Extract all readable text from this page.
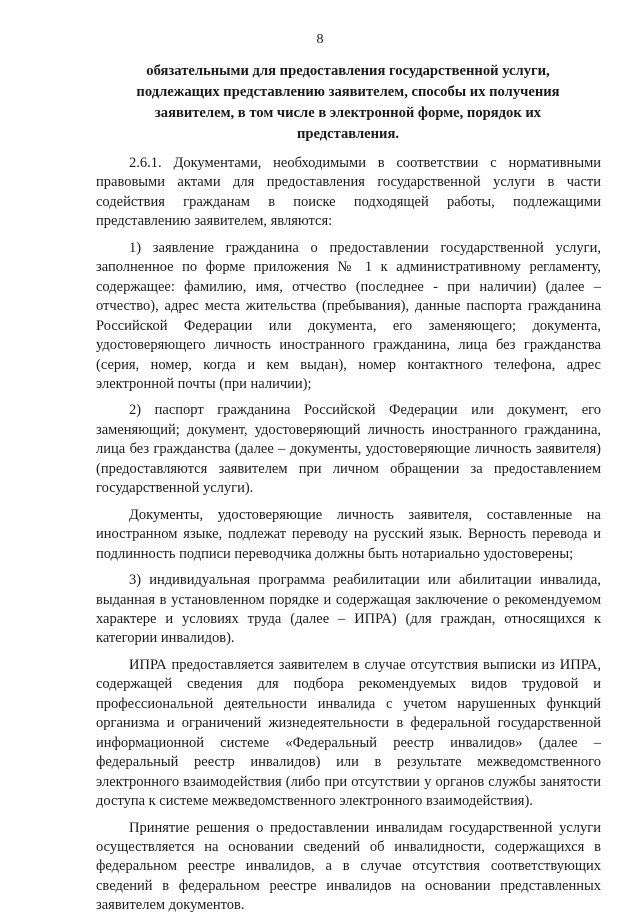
8
обязательными для предоставления государственной услуги,
подлежащих представлению заявителем, способы их получения
заявителем, в том числе в электронной форме, порядок их
представления.

2.6.1. Документами, необходимыми в соответствии с нормативными правовыми актами для предоставления государственной услуги в части содействия гражданам в поиске подходящей работы, подлежащими представлению заявителем, являются:

1) заявление гражданина о предоставлении государственной услуги, заполненное по форме приложения № 1 к административному регламенту, содержащее: фамилию, имя, отчество (последнее - при наличии) (далее – отчество), адрес места жительства (пребывания), данные паспорта гражданина Российской Федерации или документа, его заменяющего; документа, удостоверяющего личность иностранного гражданина, лица без гражданства (серия, номер, когда и кем выдан), номер контактного телефона, адрес электронной почты (при наличии);

2) паспорт гражданина Российской Федерации или документ, его заменяющий; документ, удостоверяющий личность иностранного гражданина, лица без гражданства (далее – документы, удостоверяющие личность заявителя) (предоставляются заявителем при личном обращении за предоставлением государственной услуги).

Документы, удостоверяющие личность заявителя, составленные на иностранном языке, подлежат переводу на русский язык. Верность перевода и подлинность подписи переводчика должны быть нотариально удостоверены;

3) индивидуальная программа реабилитации или абилитации инвалида, выданная в установленном порядке и содержащая заключение о рекомендуемом характере и условиях труда (далее – ИПРА) (для граждан, относящихся к категории инвалидов).

ИПРА предоставляется заявителем в случае отсутствия выписки из ИПРА, содержащей сведения для подбора рекомендуемых видов трудовой и профессиональной деятельности инвалида с учетом нарушенных функций организма и ограничений жизнедеятельности в федеральной государственной информационной системе «Федеральный реестр инвалидов» (далее – федеральный реестр инвалидов) или в результате межведомственного электронного взаимодействия (либо при отсутствии у органов службы занятости доступа к системе межведомственного электронного взаимодействия).

Принятие решения о предоставлении инвалидам государственной услуги осуществляется на основании сведений об инвалидности, содержащихся в федеральном реестре инвалидов, а в случае отсутствия соответствующих сведений в федеральном реестре инвалидов на основании представленных заявителем документов.
